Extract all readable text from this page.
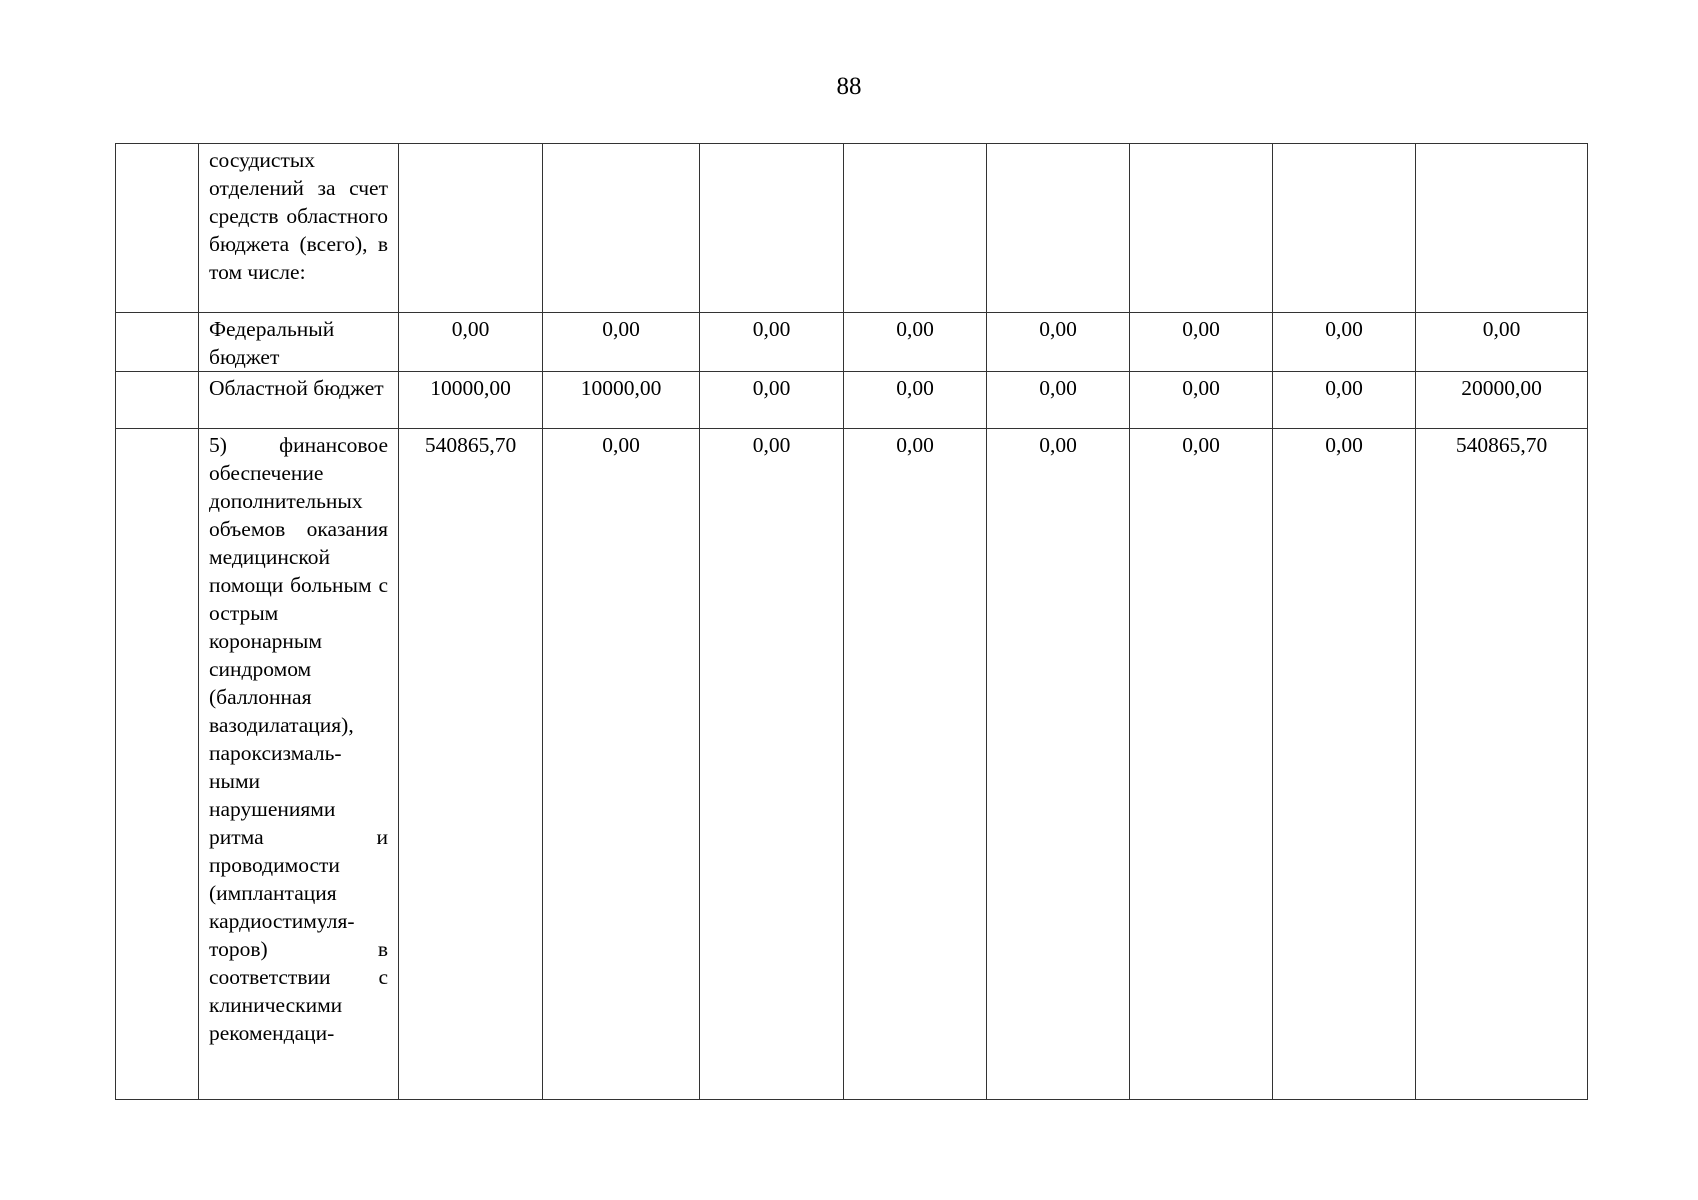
88
	сосудистых отделений за счет средств областного бюджета (всего), в том числе:								
	Федеральный бюджет	0,00	0,00	0,00	0,00	0,00	0,00	0,00	0,00
	Областной бюджет	10000,00	10000,00	0,00	0,00	0,00	0,00	0,00	20000,00
	5) финансовое обеспечение дополнительных объемов оказания медицинской помощи больным с острым коронарным синдромом (баллонная вазодилатация), пароксизмаль-ными нарушениями ритма и проводимости (имплантация кардиостимуля-торов) в соответствии с клиническими рекомендаци-	540865,70	0,00	0,00	0,00	0,00	0,00	0,00	540865,70
